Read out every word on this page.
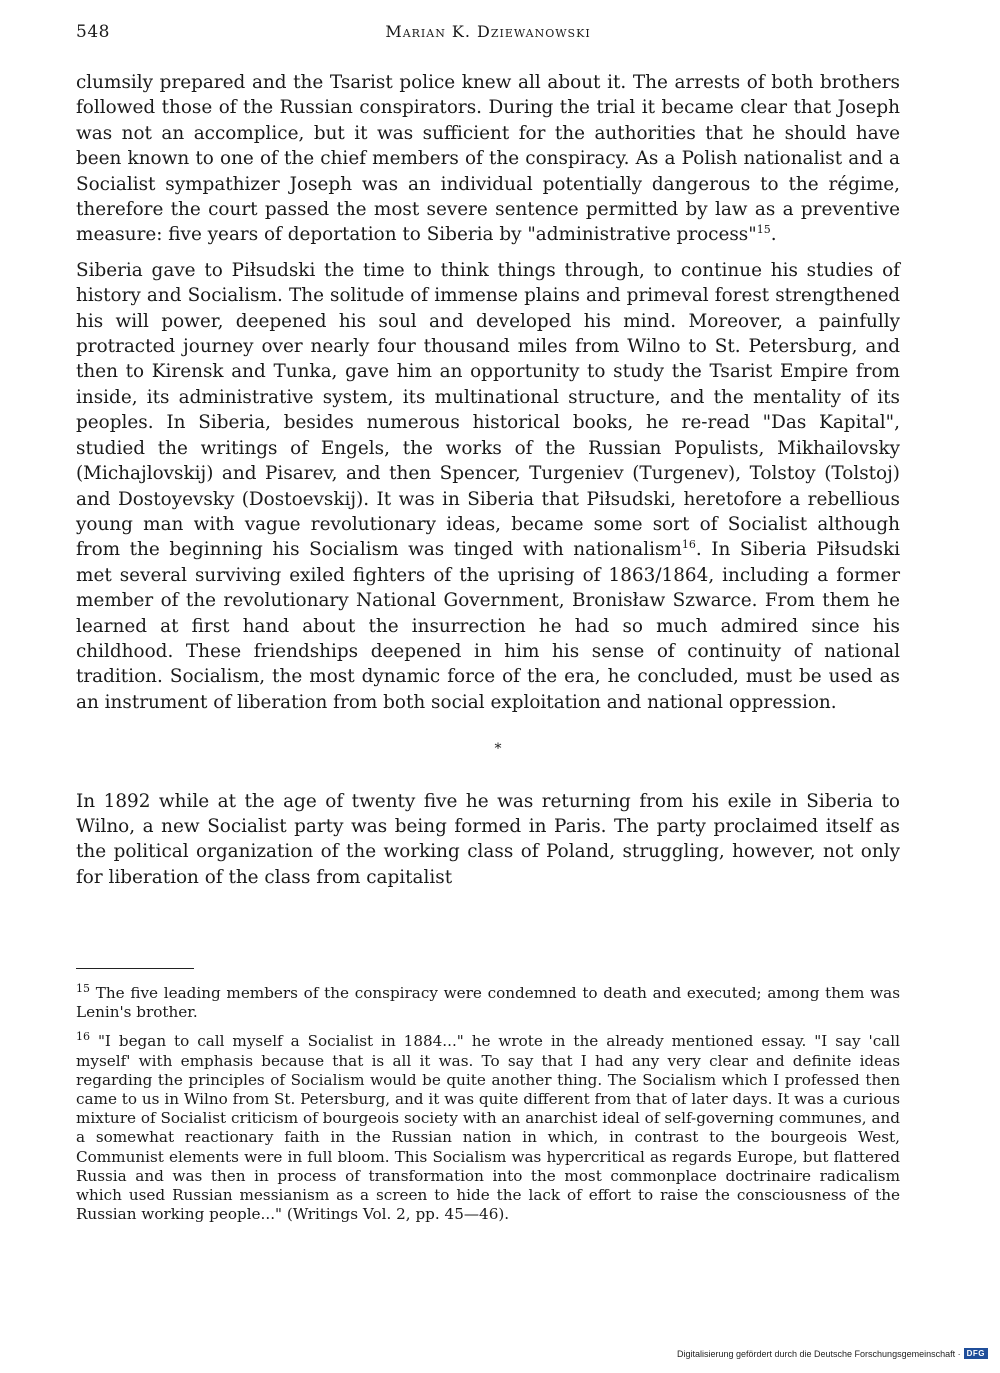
548	Marian K. Dziewanowski

clumsily prepared and the Tsarist police knew all about it. The arrests of both brothers followed those of the Russian conspirators. During the trial it became clear that Joseph was not an accomplice, but it was sufficient for the authorities that he should have been known to one of the chief members of the conspiracy. As a Polish nationalist and a Socialist sympathizer Joseph was an individual potentially dangerous to the régime, therefore the court passed the most severe sentence permitted by law as a preventive measure: five years of deportation to Siberia by "administrative process"$^{15}$.

Siberia gave to Piłsudski the time to think things through, to continue his studies of history and Socialism. The solitude of immense plains and primeval forest strengthened his will power, deepened his soul and developed his mind. Moreover, a painfully protracted journey over nearly four thousand miles from Wilno to St. Petersburg, and then to Kirensk and Tunka, gave him an opportunity to study the Tsarist Empire from inside, its administrative system, its multinational structure, and the mentality of its peoples. In Siberia, besides numerous historical books, he re-read "Das Kapital", studied the writings of Engels, the works of the Russian Populists, Mikhailovsky (Michajlovskij) and Pisarev, and then Spencer, Turgeniev (Turgenev), Tolstoy (Tolstoj) and Dostoyevsky (Dostoevskij). It was in Siberia that Piłsudski, heretofore a rebellious young man with vague revolutionary ideas, became some sort of Socialist although from the beginning his Socialism was tinged with nationalism$^{16}$. In Siberia Piłsudski met several surviving exiled fighters of the uprising of 1863/1864, including a former member of the revolutionary National Government, Bronisław Szwarce. From them he learned at first hand about the insurrection he had so much admired since his childhood. These friendships deepened in him his sense of continuity of national tradition. Socialism, the most dynamic force of the era, he concluded, must be used as an instrument of liberation from both social exploitation and national oppression.

*

In 1892 while at the age of twenty five he was returning from his exile in Siberia to Wilno, a new Socialist party was being formed in Paris. The party proclaimed itself as the political organization of the working class of Poland, struggling, however, not only for liberation of the class from capitalist

$^{15}$ The five leading members of the conspiracy were condemned to death and executed; among them was Lenin's brother.

$^{16}$ "I began to call myself a Socialist in 1884..." he wrote in the already mentioned essay. "I say 'call myself' with emphasis because that is all it was. To say that I had any very clear and definite ideas regarding the principles of Socialism would be quite another thing. The Socialism which I professed then came to us in Wilno from St. Petersburg, and it was quite different from that of later days. It was a curious mixture of Socialist criticism of bourgeois society with an anarchist ideal of self-governing communes, and a somewhat reactionary faith in the Russian nation in which, in contrast to the bourgeois West, Communist elements were in full bloom. This Socialism was hypercritical as regards Europe, but flattered Russia and was then in process of transformation into the most commonplace doctrinaire radicalism which used Russian messianism as a screen to hide the lack of effort to raise the consciousness of the Russian working people..." (Writings Vol. 2, pp. 45—46).

Digitalisierung gefördert durch die Deutsche Forschungsgemeinschaft · DFG
